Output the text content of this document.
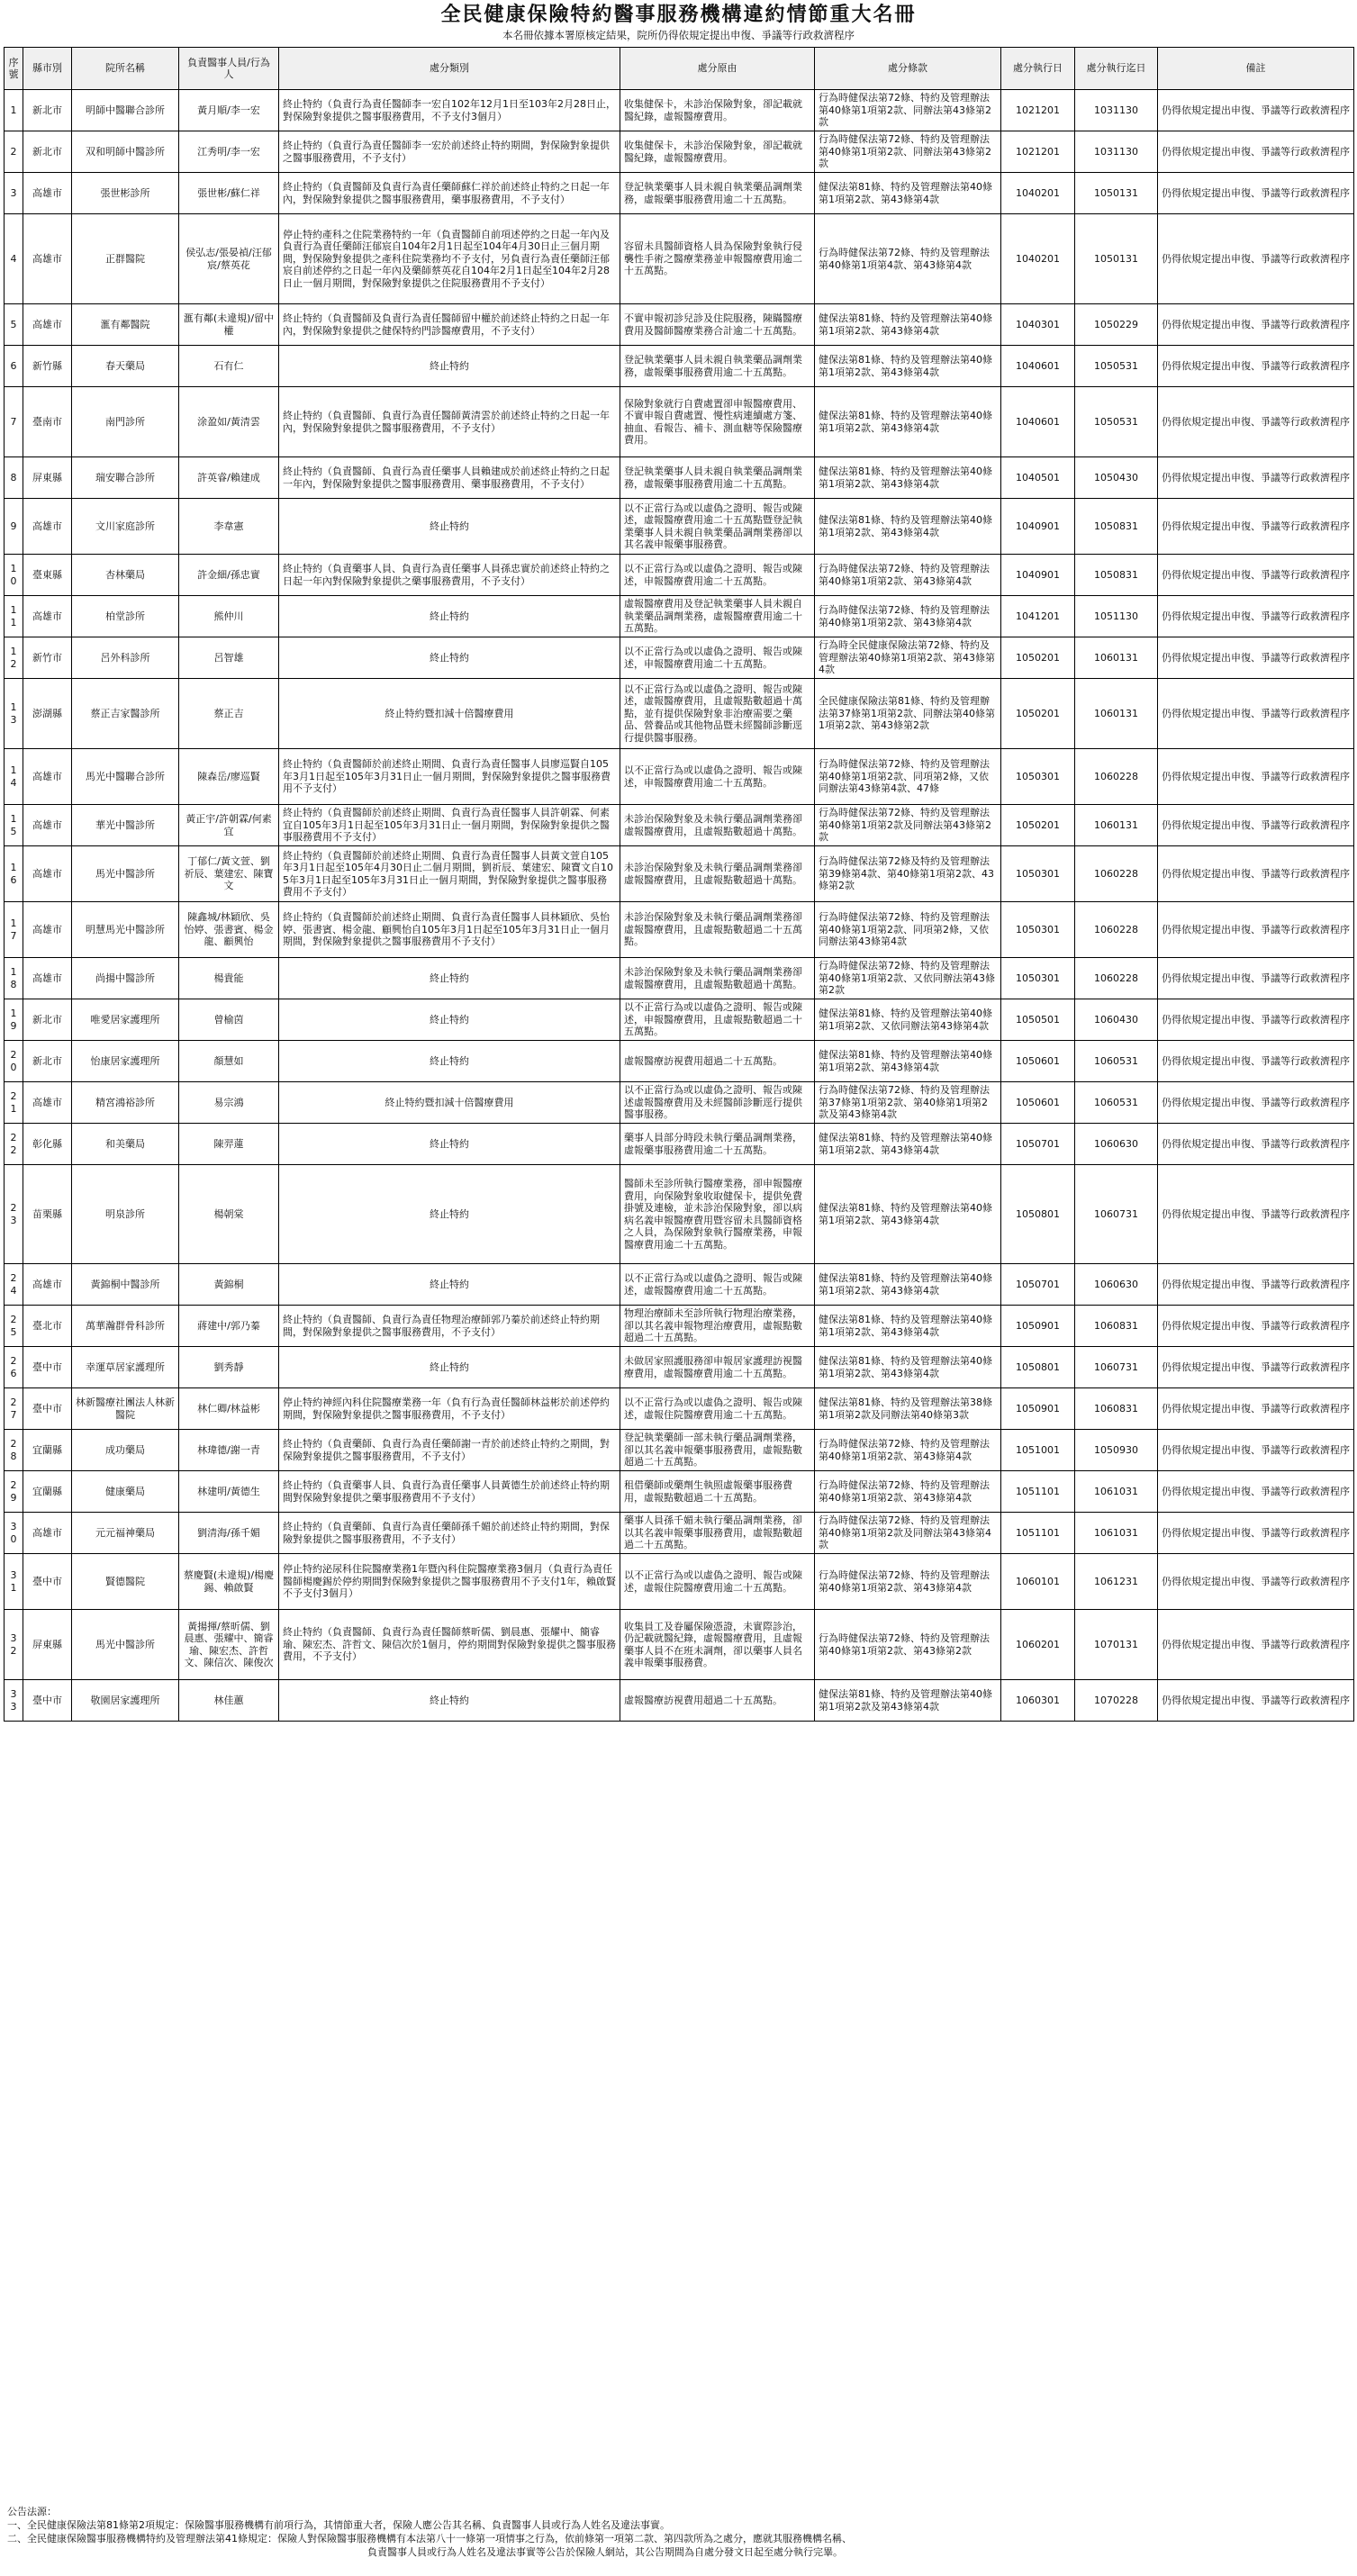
全民健康保險特約醫事服務機構違約情節重大名冊
本名冊依據本署原核定結果，院所仍得依規定提出申復、爭議等行政救濟程序
序號	縣市別	院所名稱	負責醫事人員/行為人	處分類別	處分原由	處分條款	處分執行日	處分執行迄日	備註
1	新北市	明師中醫聯合診所	黃月順/李一宏	終止特約（負責行為責任醫師李一宏自102年12月1日至103年2月28日止，對保險對象提供之醫事服務費用，不予支付3個月）	收集健保卡，未診治保險對象，卻記載就醫紀錄，虛報醫療費用。	行為時健保法第72條、特約及管理辦法第40條第1項第2款、同辦法第43條第2款	1021201	1031130	仍得依規定提出申復、爭議等行政救濟程序
2	新北市	双和明師中醫診所	江秀明/李一宏	終止特約（負責行為責任醫師李一宏於前述終止特約期間，對保險對象提供之醫事服務費用，不予支付）	收集健保卡，未診治保險對象，卻記載就醫紀錄，虛報醫療費用。	行為時健保法第72條、特約及管理辦法第40條第1項第2款、同辦法第43條第2款	1021201	1031130	仍得依規定提出申復、爭議等行政救濟程序
3	高雄市	張世彬診所	張世彬/蘇仁祥	終止特約（負責醫師及負責行為責任藥師蘇仁祥於前述終止特約之日起一年內，對保險對象提供之醫事服務費用，藥事服務費用，不予支付）	登記執業藥事人員未親自執業藥品調劑業務，虛報藥事服務費用逾二十五萬點。	健保法第81條、特約及管理辦法第40條第1項第2款、第43條第4款	1040201	1050131	仍得依規定提出申復、爭議等行政救濟程序
4	高雄市	正群醫院	侯弘志/張晏禎/汪郁宸/蔡英花	停止特約產科之住院業務特約一年（負責醫師自前項述停約之日起一年內及負責行為責任藥師汪郁宸自104年2月1日起至104年4月30日止三個月期間，對保險對象提供之產科住院業務均不予支付，另負責行為責任藥師汪郁宸自前述停約之日起一年內及藥師蔡英花自104年2月1日起至104年2月28日止一個月期間，對保險對象提供之住院服務費用不予支付）	容留未具醫師資格人員為保險對象執行侵襲性手術之醫療業務並申報醫療費用逾二十五萬點。	行為時健保法第72條、特約及管理辦法第40條第1項第4款、第43條第4款	1040201	1050131	仍得依規定提出申復、爭議等行政救濟程序
5	高雄市	滙有鄰醫院	滙有鄰(未違規)/留中權	終止特約（負責醫師及負責行為責任醫師留中權於前述終止特約之日起一年內，對保險對象提供之健保特約門診醫療費用，不予支付）	不實申報初診兒診及住院服務，陳瞞醫療費用及醫師醫療業務合計逾二十五萬點。	健保法第81條、特約及管理辦法第40條第1項第2款、第43條第4款	1040301	1050229	仍得依規定提出申復、爭議等行政救濟程序
6	新竹縣	春天藥局	石有仁	終止特約	登記執業藥事人員未親自執業藥品調劑業務，虛報藥事服務費用逾二十五萬點。	健保法第81條、特約及管理辦法第40條第1項第2款、第43條第4款	1040601	1050531	仍得依規定提出申復、爭議等行政救濟程序
7	臺南市	南門診所	涂盈如/黃清雲	終止特約（負責醫師、負責行為責任醫師黃清雲於前述終止特約之日起一年內，對保險對象提供之醫事服務費用，不予支付）	保險對象就行自費處置卻申報醫療費用、不實申報自費處置、慢性病連續處方箋、抽血、看報告、補卡、測血糖等保險醫療費用。	健保法第81條、特約及管理辦法第40條第1項第2款、第43條第4款	1040601	1050531	仍得依規定提出申復、爭議等行政救濟程序
8	屏東縣	瑞安聯合診所	許英睿/賴建成	終止特約（負責醫師、負責行為責任藥事人員賴建成於前述終止特約之日起一年內，對保險對象提供之醫事服務費用、藥事服務費用，不予支付）	登記執業藥事人員未親自執業藥品調劑業務，虛報藥事服務費用逾二十五萬點。	健保法第81條、特約及管理辦法第40條第1項第2款、第43條第4款	1040501	1050430	仍得依規定提出申復、爭議等行政救濟程序
9	高雄市	文川家庭診所	李韋憲	終止特約	以不正當行為或以虛偽之證明、報告或陳述，虛報醫療費用逾二十五萬點暨登記執業藥事人員未親自執業藥品調劑業務卻以其名義申報藥事服務費。	健保法第81條、特約及管理辦法第40條第1項第2款、第43條第4款	1040901	1050831	仍得依規定提出申復、爭議等行政救濟程序
10	臺東縣	杏林藥局	許金細/孫忠實	終止特約（負責藥事人員、負責行為責任藥事人員孫忠實於前述終止特約之日起一年內對保險對象提供之藥事服務費用，不予支付）	以不正當行為或以虛偽之證明、報告或陳述，申報醫療費用逾二十五萬點。	行為時健保法第72條、特約及管理辦法第40條第1項第2款、第43條第4款	1040901	1050831	仍得依規定提出申復、爭議等行政救濟程序
11	高雄市	柏堂診所	熊仲川	終止特約	虛報醫療費用及登記執業藥事人員未親自執業藥品調劑業務，虛報醫療費用逾二十五萬點。	行為時健保法第72條、特約及管理辦法第40條第1項第2款、第43條第4款	1041201	1051130	仍得依規定提出申復、爭議等行政救濟程序
12	新竹市	呂外科診所	呂智雄	終止特約	以不正當行為或以虛偽之證明、報告或陳述，申報醫療費用逾二十五萬點。	行為時全民健康保險法第72條、特約及管理辦法第40條第1項第2款、第43條第4款	1050201	1060131	仍得依規定提出申復、爭議等行政救濟程序
13	澎湖縣	蔡正吉家醫診所	蔡正吉	終止特約暨扣減十倍醫療費用	以不正當行為或以虛偽之證明、報告或陳述，虛報醫療費用，且虛報點數超過十萬點，並有提供保險對象非治療需要之藥品、營養品或其他物品暨未經醫師診斷逕行提供醫事服務。	全民健康保險法第81條、特約及管理辦法第37條第1項第2款、同辦法第40條第1項第2款、第43條第2款	1050201	1060131	仍得依規定提出申復、爭議等行政救濟程序
14	高雄市	馬光中醫聯合診所	陳森岳/廖巡賢	終止特約（負責醫師於前述終止期間、負責行為責任醫事人員廖巡賢自105年3月1日起至105年3月31日止一個月期間，對保險對象提供之醫事服務費用不予支付）	以不正當行為或以虛偽之證明、報告或陳述，申報醫療費用逾二十五萬點。	行為時健保法第72條、特約及管理辦法第40條第1項第2款、同項第2條，又依同辦法第43條第4款、47條	1050301	1060228	仍得依規定提出申復、爭議等行政救濟程序
15	高雄市	華光中醫診所	黃正宇/許朝霖/何素宜	終止特約（負責醫師於前述終止期間、負責行為責任醫事人員許朝霖、何素宜自105年3月1日起至105年3月31日止一個月期間，對保險對象提供之醫事服務費用不予支付）	未診治保險對象及未執行藥品調劑業務卻虛報醫療費用，且虛報點數超過十萬點。	行為時健保法第72條、特約及管理辦法第40條第1項第2款及同辦法第43條第2款	1050201	1060131	仍得依規定提出申復、爭議等行政救濟程序
16	高雄市	馬光中醫診所	丁郁仁/黃文萱、劉祈辰、葉建宏、陳寶文	終止特約（負責醫師於前述終止期間、負責行為責任醫事人員黃文萱自105年3月1日起至105年4月30日止二個月期間，劉祈辰、葉建宏、陳寶文自105年3月1日起至105年3月31日止一個月期間，對保險對象提供之醫事服務費用不予支付）	未診治保險對象及未執行藥品調劑業務卻虛報醫療費用，且虛報點數超過十萬點。	行為時健保法第72條及特約及管理辦法第39條第4款、第40條第1項第2款、43條第2款	1050301	1060228	仍得依規定提出申復、爭議等行政救濟程序
17	高雄市	明慧馬光中醫診所	陳鑫城/林穎欣、吳怡婷、張書賓、楊金龍、顧興怡	終止特約（負責醫師於前述終止期間、負責行為責任醫事人員林穎欣、吳怡婷、張書賓、楊金龍、顧興怡自105年3月1日起至105年3月31日止一個月期間，對保險對象提供之醫事服務費用不予支付）	未診治保險對象及未執行藥品調劑業務卻虛報醫療費用，且虛報點數超過二十五萬點。	行為時健保法第72條、特約及管理辦法第40條第1項第2款、同項第2條，又依同辦法第43條第4款	1050301	1060228	仍得依規定提出申復、爭議等行政救濟程序
18	高雄市	尚揚中醫診所	楊貴能	終止特約	未診治保險對象及未執行藥品調劑業務卻虛報醫療費用，且虛報點數超過十萬點。	行為時健保法第72條、特約及管理辦法第40條第1項第2款、又依同辦法第43條第2款	1050301	1060228	仍得依規定提出申復、爭議等行政救濟程序
19	新北市	唯愛居家護理所	曾榆茵	終止特約	以不正當行為或以虛偽之證明、報告或陳述，申報醫療費用，且虛報點數超過二十五萬點。	健保法第81條、特約及管理辦法第40條第1項第2款、又依同辦法第43條第4款	1050501	1060430	仍得依規定提出申復、爭議等行政救濟程序
20	新北市	怡康居家護理所	顏慧如	終止特約	虛報醫療訪視費用超過二十五萬點。	健保法第81條、特約及管理辦法第40條第1項第2款、第43條第4款	1050601	1060531	仍得依規定提出申復、爭議等行政救濟程序
21	高雄市	精宮鴻裕診所	易宗鴻	終止特約暨扣減十倍醫療費用	以不正當行為或以虛偽之證明、報告或陳述虛報醫療費用及未經醫師診斷逕行提供醫事服務。	行為時健保法第72條、特約及管理辦法第37條第1項第2款、第40條第1項第2款及第43條第4款	1050601	1060531	仍得依規定提出申復、爭議等行政救濟程序
22	彰化縣	和美藥局	陳羿蓮	終止特約	藥事人員部分時段未執行藥品調劑業務，虛報藥事服務費用逾二十五萬點。	健保法第81條、特約及管理辦法第40條第1項第2款、第43條第4款	1050701	1060630	仍得依規定提出申復、爭議等行政救濟程序
23	苗栗縣	明泉診所	楊朝棠	終止特約	醫師未至診所執行醫療業務，卻申報醫療費用，向保險對象收取健保卡，提供免費掛號及連檢，並未診治保險對象，卻以病病名義申報醫療費用暨容留未具醫師資格之人員，為保險對象執行醫療業務，申報醫療費用逾二十五萬點。	健保法第81條、特約及管理辦法第40條第1項第2款、第43條第4款	1050801	1060731	仍得依規定提出申復、爭議等行政救濟程序
24	高雄市	黃錦桐中醫診所	黃錦桐	終止特約	以不正當行為或以虛偽之證明、報告或陳述，虛報醫療費用逾二十五萬點。	健保法第81條、特約及管理辦法第40條第1項第2款、第43條第4款	1050701	1060630	仍得依規定提出申復、爭議等行政救濟程序
25	臺北市	萬華瀚群骨科診所	蔣建中/郭乃蓁	終止特約（負責醫師、負責行為責任物理治療師郭乃蓁於前述終止特約期間，對保險對象提供之醫事服務費用，不予支付）	物理治療師未至診所執行物理治療業務，卻以其名義申報物理治療費用，虛報點數超過二十五萬點。	健保法第81條、特約及管理辦法第40條第1項第2款、第43條第4款	1050901	1060831	仍得依規定提出申復、爭議等行政救濟程序
26	臺中市	幸運草居家護理所	劉秀靜	終止特約	未做居家照護服務卻申報居家護理訪視醫療費用，虛報醫療費用逾二十五萬點。	健保法第81條、特約及管理辦法第40條第1項第2款、第43條第4款	1050801	1060731	仍得依規定提出申復、爭議等行政救濟程序
27	臺中市	林新醫療社團法人林新醫院	林仁卿/林益彬	停止特約神經內科住院醫療業務一年（負有行為責任醫師林益彬於前述停約期間，對保險對象提供之醫事服務費用，不予支付）	以不正當行為或以虛偽之證明、報告或陳述，虛報住院醫療費用逾二十五萬點。	健保法第81條、特約及管理辦法第38條第1項第2款及同辦法第40條第3款	1050901	1060831	仍得依規定提出申復、爭議等行政救濟程序
28	宜蘭縣	成功藥局	林瑋德/謝一青	終止特約（負責藥師、負責行為責任藥師謝一青於前述終止特約之期間，對保險對象提供之醫事服務費用，不予支付）	登記執業藥師一部未執行藥品調劑業務，卻以其名義申報藥事服務費用，虛報點數超過二十五萬點。	行為時健保法第72條、特約及管理辦法第40條第1項第2款、第43條第4款	1051001	1050930	仍得依規定提出申復、爭議等行政救濟程序
29	宜蘭縣	健康藥局	林建明/黃德生	終止特約（負責藥事人員、負責行為責任藥事人員黃德生於前述終止特約期間對保險對象提供之藥事服務費用不予支付）	租借藥師或藥劑生執照虛報藥事服務費用，虛報點數超過二十五萬點。	行為時健保法第72條、特約及管理辦法第40條第1項第2款、第43條第4款	1051101	1061031	仍得依規定提出申復、爭議等行政救濟程序
30	高雄市	元元福神藥局	劉清海/孫千媚	終止特約（負責藥師、負責行為責任藥師孫千媚於前述終止特約期間，對保險對象提供之醫事服務費用，不予支付）	藥事人員孫千媚未執行藥品調劑業務，卻以其名義申報藥事服務費用，虛報點數超過二十五萬點。	行為時健保法第72條、特約及管理辦法第40條第1項第2款及同辦法第43條第4款	1051101	1061031	仍得依規定提出申復、爭議等行政救濟程序
31	臺中市	賢德醫院	蔡慶賢(未違規)/楊慶錫、賴啟賢	停止特約泌尿科住院醫療業務1年暨內科住院醫療業務3個月（負責行為責任醫師楊慶錫於停約期間對保險對象提供之醫事服務費用不予支付1年，賴啟賢不予支付3個月）	以不正當行為或以虛偽之證明、報告或陳述，虛報住院醫療費用逾二十五萬點。	行為時健保法第72條、特約及管理辦法第40條第1項第2款、第43條第4款	1060101	1061231	仍得依規定提出申復、爭議等行政救濟程序
32	屏東縣	馬光中醫診所	黃揚揮/蔡昕儒、劉晨惠、張耀中、簡睿瑜、陳宏杰、許哲文、陳信次、陳俊次	終止特約（負責醫師、負責行為責任醫師蔡昕儒、劉晨惠、張耀中、簡睿瑜、陳宏杰、許哲文、陳信次於1個月，停約期間對保險對象提供之醫事服務費用，不予支付）	收集員工及眷屬保險憑證，未實際診治，仍記載就醫紀錄，虛報醫療費用，且虛報藥事人員不在班未調劑，卻以藥事人員名義申報藥事服務費。	行為時健保法第72條、特約及管理辦法第40條第1項第2款、第43條第2款	1060201	1070131	仍得依規定提出申復、爭議等行政救濟程序
33	臺中市	敬園居家護理所	林佳蕙	終止特約	虛報醫療訪視費用超過二十五萬點。	健保法第81條、特約及管理辦法第40條第1項第2款及第43條第4款	1060301	1070228	仍得依規定提出申復、爭議等行政救濟程序
公告法源：
一、全民健康保險法第81條第2項規定：保險醫事服務機構有前項行為，其情節重大者，保險人應公告其名稱、負責醫事人員或行為人姓名及違法事實。
二、全民健康保險醫事服務機構特約及管理辦法第41條規定：保險人對保險醫事服務機構有本法第八十一條第一項情事之行為，依前條第一項第二款、第四款所為之處分，應就其服務機構名稱、
負責醫事人員或行為人姓名及違法事實等公告於保險人網站，其公告期間為自處分發文日起至處分執行完畢。
